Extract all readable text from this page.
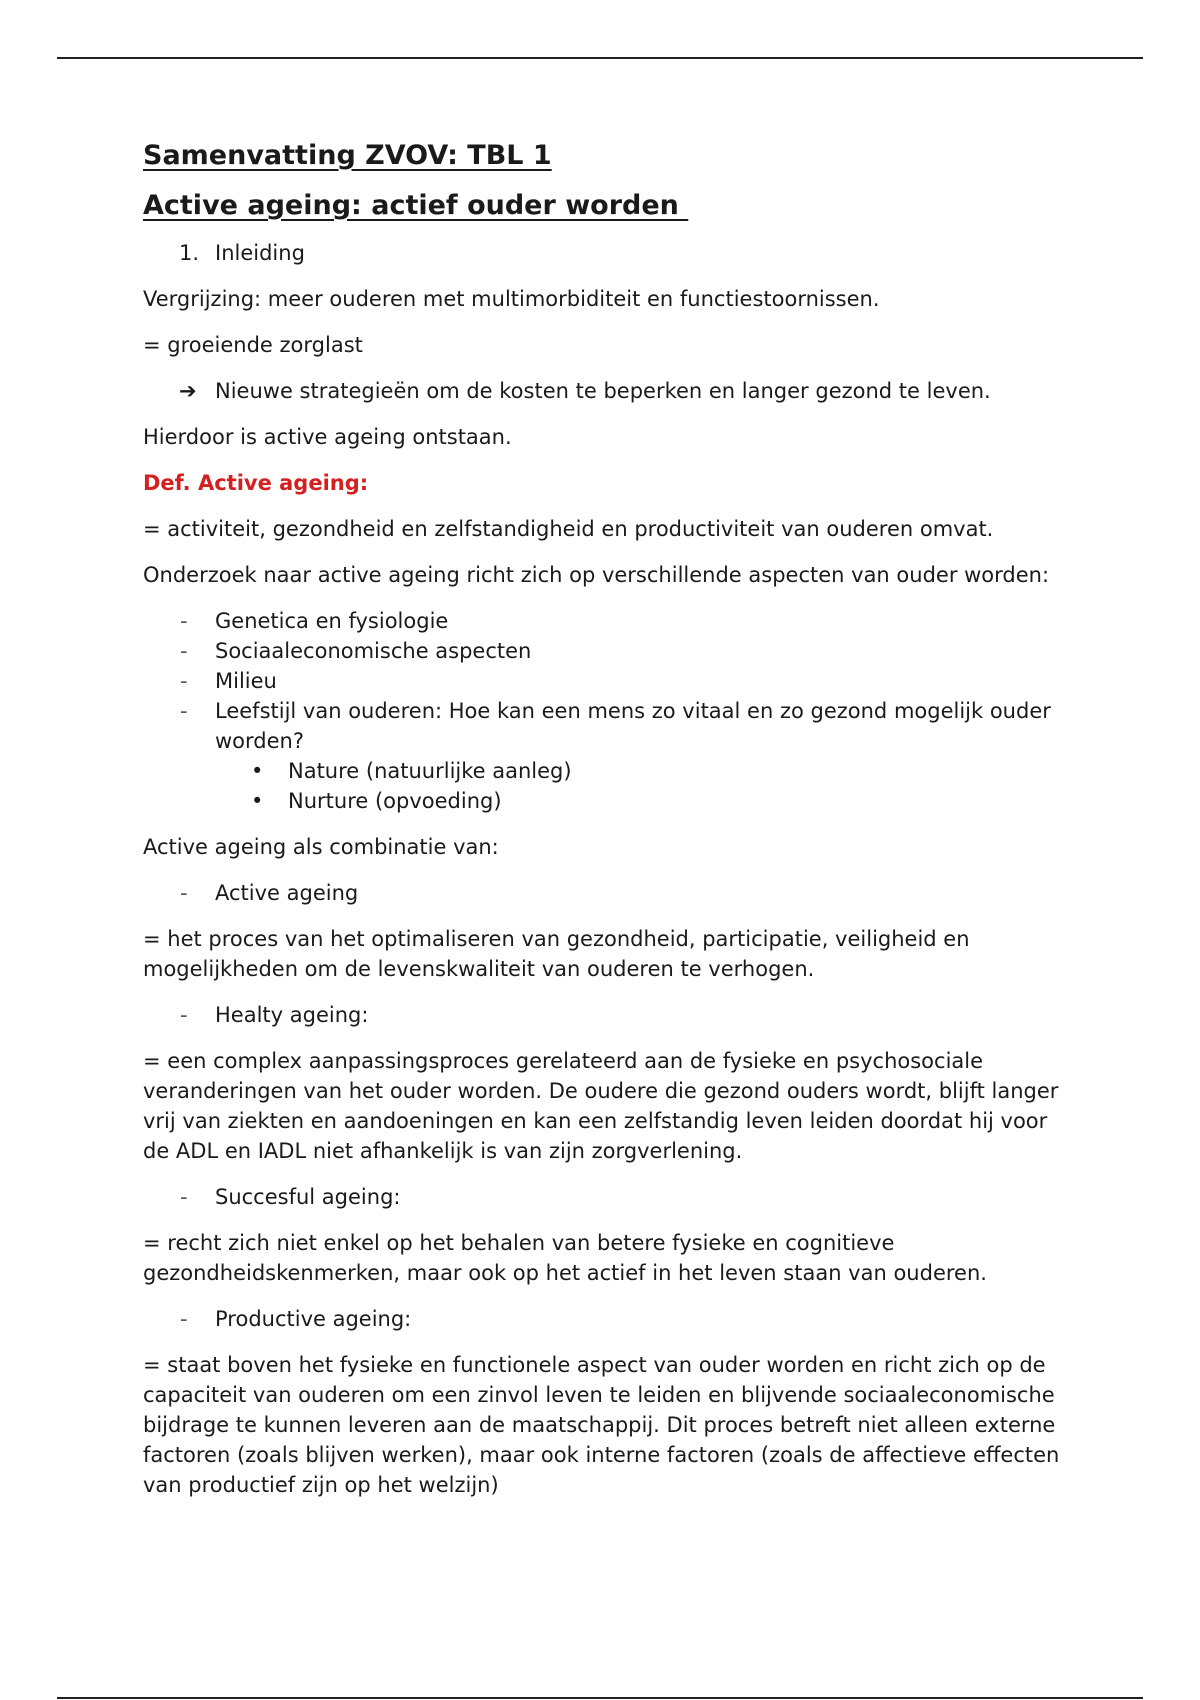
Samenvatting ZVOV: TBL 1
Active ageing: actief ouder worden
1. Inleiding

Vergrijzing: meer ouderen met multimorbiditeit en functiestoornissen.

= groeiende zorglast

➔ Nieuwe strategieën om de kosten te beperken en langer gezond te leven.

Hierdoor is active ageing ontstaan.

Def. Active ageing:

= activiteit, gezondheid en zelfstandigheid en productiviteit van ouderen omvat.

Onderzoek naar active ageing richt zich op verschillende aspecten van ouder worden:

- Genetica en fysiologie
- Sociaaleconomische aspecten
- Milieu
- Leefstijl van ouderen: Hoe kan een mens zo vitaal en zo gezond mogelijk ouder worden?
• Nature (natuurlijke aanleg)
• Nurture (opvoeding)

Active ageing als combinatie van:

- Active ageing

= het proces van het optimaliseren van gezondheid, participatie, veiligheid en mogelijkheden om de levenskwaliteit van ouderen te verhogen.

- Healty ageing:

= een complex aanpassingsproces gerelateerd aan de fysieke en psychosociale veranderingen van het ouder worden. De oudere die gezond ouders wordt, blijft langer vrij van ziekten en aandoeningen en kan een zelfstandig leven leiden doordat hij voor de ADL en IADL niet afhankelijk is van zijn zorgverlening.

- Succesful ageing:

= recht zich niet enkel op het behalen van betere fysieke en cognitieve gezondheidskenmerken, maar ook op het actief in het leven staan van ouderen.

- Productive ageing:

= staat boven het fysieke en functionele aspect van ouder worden en richt zich op de capaciteit van ouderen om een zinvol leven te leiden en blijvende sociaaleconomische bijdrage te kunnen leveren aan de maatschappij. Dit proces betreft niet alleen externe factoren (zoals blijven werken), maar ook interne factoren (zoals de affectieve effecten van productief zijn op het welzijn)
